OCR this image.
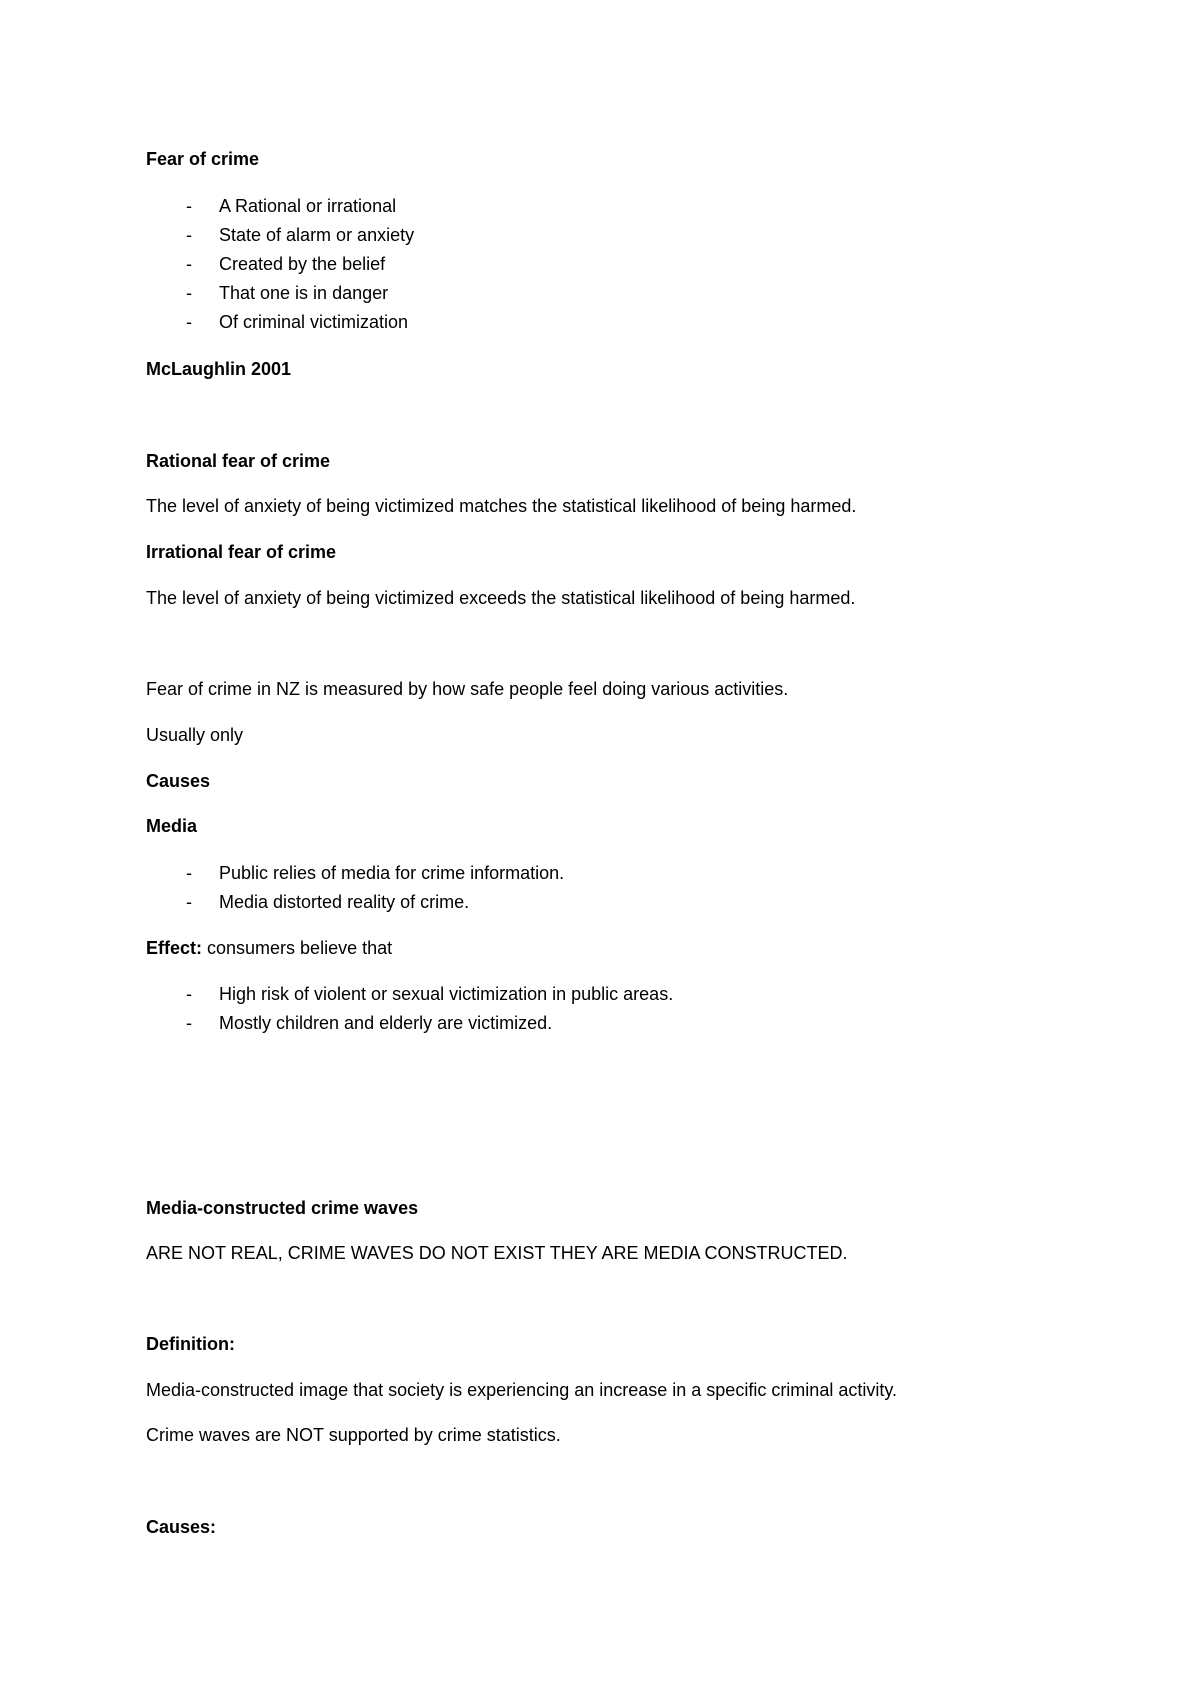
Fear of crime
- A Rational or irrational
- State of alarm or anxiety
- Created by the belief
- That one is in danger
- Of criminal victimization
McLaughlin 2001
Rational fear of crime
The level of anxiety of being victimized matches the statistical likelihood of being harmed.
Irrational fear of crime
The level of anxiety of being victimized exceeds the statistical likelihood of being harmed.
Fear of crime in NZ is measured by how safe people feel doing various activities.
Usually only
Causes
Media
- Public relies of media for crime information.
- Media distorted reality of crime.
Effect: consumers believe that
- High risk of violent or sexual victimization in public areas.
- Mostly children and elderly are victimized.
Media-constructed crime waves
ARE NOT REAL, CRIME WAVES DO NOT EXIST THEY ARE MEDIA CONSTRUCTED.
Definition:
Media-constructed image that society is experiencing an increase in a specific criminal activity.
Crime waves are NOT supported by crime statistics.
Causes:
